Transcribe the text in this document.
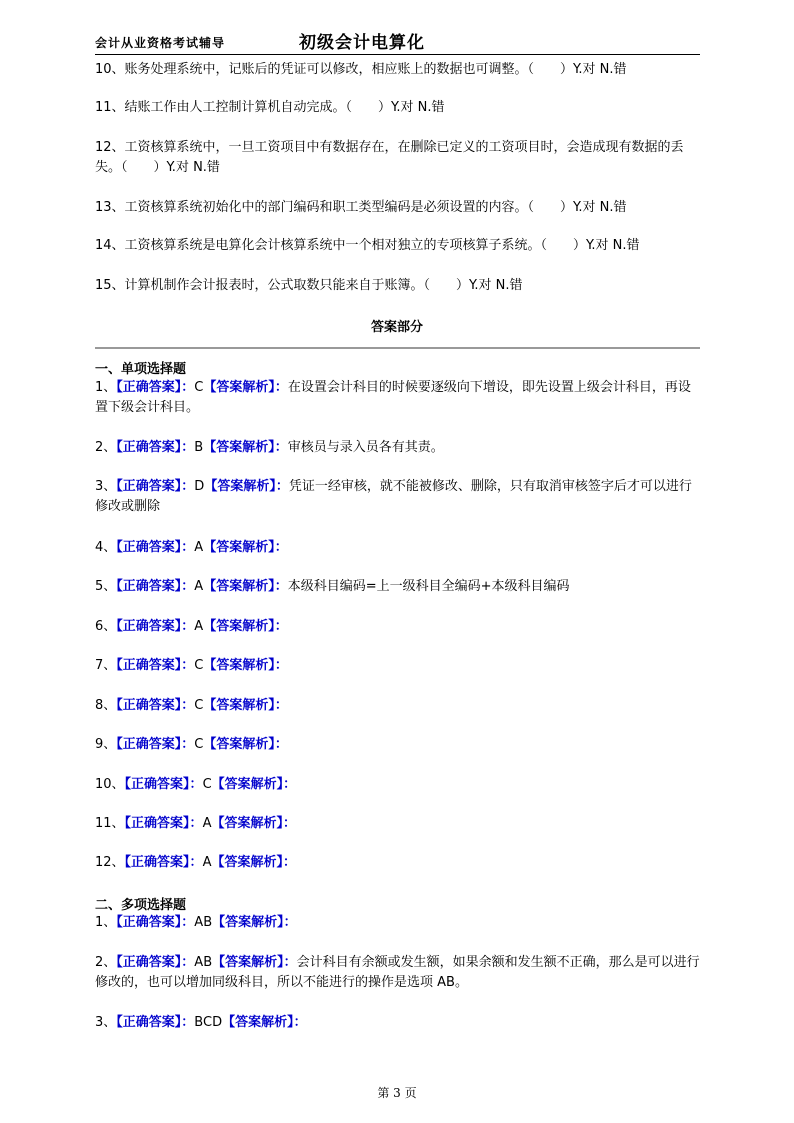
会计从业资格考试辅导	初级会计电算化
10、账务处理系统中，记账后的凭证可以修改，相应账上的数据也可调整。（　　）Y.对 N.错
11、结账工作由人工控制计算机自动完成。（　　）Y.对 N.错
12、工资核算系统中，一旦工资项目中有数据存在，在删除已定义的工资项目时，会造成现有数据的丢失。（　　）Y.对 N.错
13、工资核算系统初始化中的部门编码和职工类型编码是必须设置的内容。（　　）Y.对 N.错
14、工资核算系统是电算化会计核算系统中一个相对独立的专项核算子系统。（　　）Y.对 N.错
15、计算机制作会计报表时，公式取数只能来自于账簿。（　　）Y.对 N.错
答案部分
一、单项选择题
1、【正确答案】：C【答案解析】：在设置会计科目的时候要逐级向下增设，即先设置上级会计科目，再设置下级会计科目。
2、【正确答案】：B【答案解析】：审核员与录入员各有其责。
3、【正确答案】：D【答案解析】：凭证一经审核，就不能被修改、删除，只有取消审核签字后才可以进行修改或删除
4、【正确答案】：A【答案解析】：
5、【正确答案】：A【答案解析】：本级科目编码=上一级科目全编码+本级科目编码
6、【正确答案】：A【答案解析】：
7、【正确答案】：C【答案解析】：
8、【正确答案】：C【答案解析】：
9、【正确答案】：C【答案解析】：
10、【正确答案】：C【答案解析】：
11、【正确答案】：A【答案解析】：
12、【正确答案】：A【答案解析】：
二、多项选择题
1、【正确答案】：AB【答案解析】：
2、【正确答案】：AB【答案解析】：会计科目有余额或发生额，如果余额和发生额不正确，那么是可以进行修改的，也可以增加同级科目，所以不能进行的操作是选项 AB。
3、【正确答案】：BCD【答案解析】：
第 3 页
